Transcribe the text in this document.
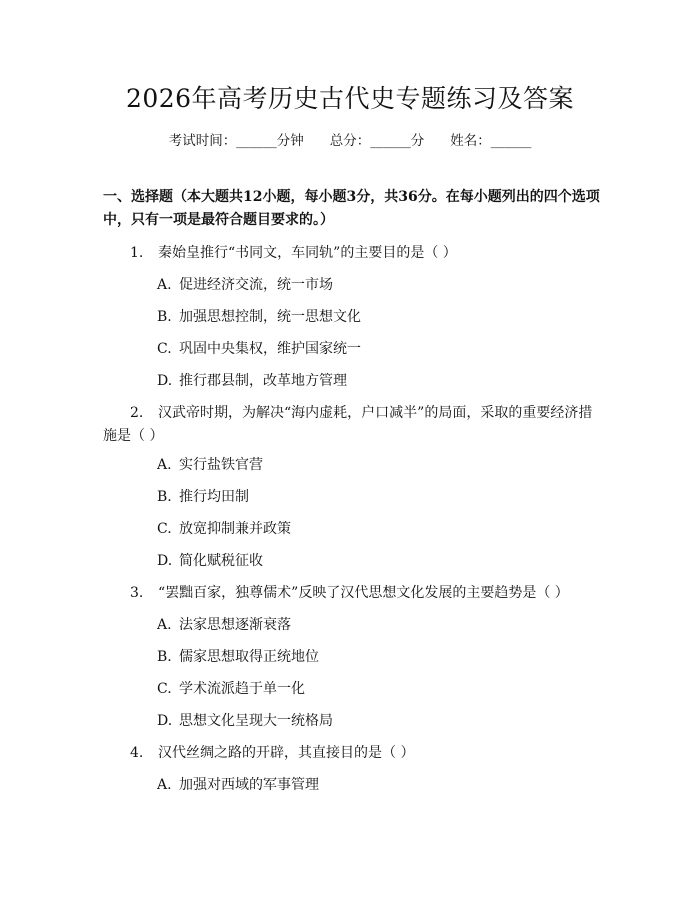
2026年高考历史古代史专题练习及答案
考试时间：______分钟 总分：______分 姓名：______
一、选择题（本大题共12小题，每小题3分，共36分。在每小题列出的四个选项中，只有一项是最符合题目要求的。）
1. 秦始皇推行“书同文，车同轨”的主要目的是（ ）
A. 促进经济交流，统一市场
B. 加强思想控制，统一思想文化
C. 巩固中央集权，维护国家统一
D. 推行郡县制，改革地方管理
2. 汉武帝时期，为解决“海内虚耗，户口减半”的局面，采取的重要经济措施是（ ）
A. 实行盐铁官营
B. 推行均田制
C. 放宽抑制兼并政策
D. 简化赋税征收
3. “罢黜百家，独尊儒术”反映了汉代思想文化发展的主要趋势是（ ）
A. 法家思想逐渐衰落
B. 儒家思想取得正统地位
C. 学术流派趋于单一化
D. 思想文化呈现大一统格局
4. 汉代丝绸之路的开辟，其直接目的是（ ）
A. 加强对西域的军事管理
